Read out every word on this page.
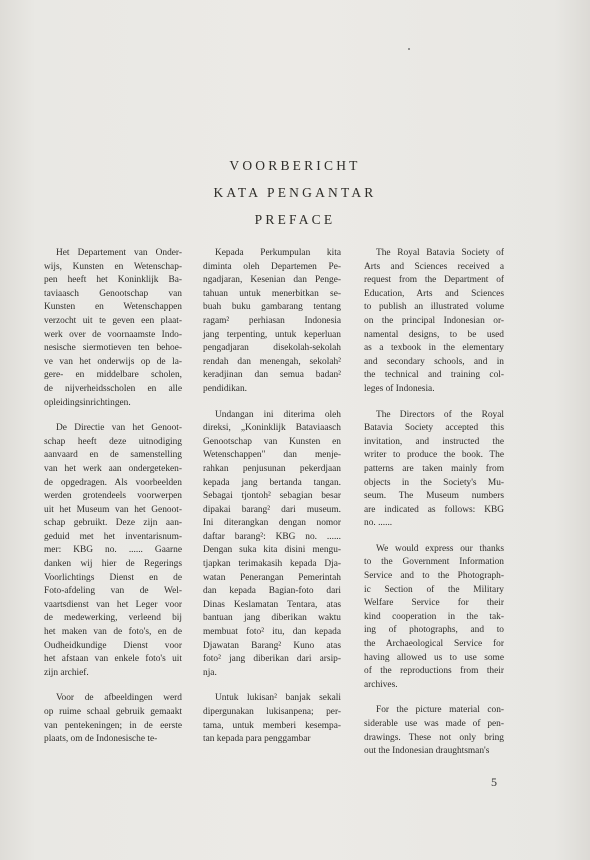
VOORBERICHT
KATA PENGANTAR
PREFACE

Het Departement van Onder-
wijs, Kunsten en Wetenschap-
pen heeft het Koninklijk Ba-
taviaasch Genootschap van
Kunsten en Wetenschappen
verzocht uit te geven een plaat-
werk over de voornaamste Indo-
nesische siermotieven ten behoe-
ve van het onderwijs op de la-
gere- en middelbare scholen,
de nijverheidsscholen en alle
opleidingsinrichtingen.

De Directie van het Genoot-
schap heeft deze uitnodiging
aanvaard en de samenstelling
van het werk aan ondergeteken-
de opgedragen. Als voorbeelden
werden grotendeels voorwerpen
uit het Museum van het Genoot-
schap gebruikt. Deze zijn aan-
geduid met het inventarisnum-
mer: KBG no. ...... Gaarne
danken wij hier de Regerings
Voorlichtings Dienst en de
Foto-afdeling van de Wel-
vaartsdienst van het Leger voor
de medewerking, verleend bij
het maken van de foto's, en de
Oudheidkundige Dienst voor
het afstaan van enkele foto's uit
zijn archief.

Voor de afbeeldingen werd
op ruime schaal gebruik gemaakt
van pentekeningen; in de eerste
plaats, om de Indonesische te-

Kepada Perkumpulan kita
diminta oleh Departemen Pe-
ngadjaran, Kesenian dan Penge-
tahuan untuk menerbitkan se-
buah buku gambarang tentang
ragam² perhiasan Indonesia
jang terpenting, untuk keperluan
pengadjaran disekolah-sekolah
rendah dan menengah, sekolah²
keradjinan dan semua badan²
pendidikan.

Undangan ini diterima oleh
direksi, „Koninklijk Bataviaasch
Genootschap van Kunsten en
Wetenschappen" dan menje-
rahkan penjusunan pekerdjaan
kepada jang bertanda tangan.
Sebagai tjontoh² sebagian besar
dipakai barang² dari museum.
Ini diterangkan dengan nomor
daftar barang²: KBG no. ......
Dengan suka kita disini mengu-
tjapkan terimakasih kepada Dja-
watan Penerangan Pemerintah
dan kepada Bagian-foto dari
Dinas Keslamatan Tentara, atas
bantuan jang diberikan waktu
membuat foto² itu, dan kepada
Djawatan Barang² Kuno atas
foto² jang diberikan dari arsip-
nja.

Untuk lukisan² banjak sekali
dipergunakan lukisanpena; per-
tama, untuk memberi kesempa-
tan kepada para penggambar

The Royal Batavia Society of
Arts and Sciences received a
request from the Department of
Education, Arts and Sciences
to publish an illustrated volume
on the principal Indonesian or-
namental designs, to be used
as a texbook in the elementary
and secondary schools, and in
the technical and training col-
leges of Indonesia.

The Directors of the Royal
Batavia Society accepted this
invitation, and instructed the
writer to produce the book. The
patterns are taken mainly from
objects in the Society's Mu-
seum. The Museum numbers
are indicated as follows: KBG
no. ......

We would express our thanks
to the Government Information
Service and to the Photograph-
ic Section of the Military
Welfare Service for their
kind cooperation in the tak-
ing of photographs, and to
the Archaeological Service for
having allowed us to use some
of the reproductions from their
archives.

For the picture material con-
siderable use was made of pen-
drawings. These not only bring
out the Indonesian draughtsman's

5
